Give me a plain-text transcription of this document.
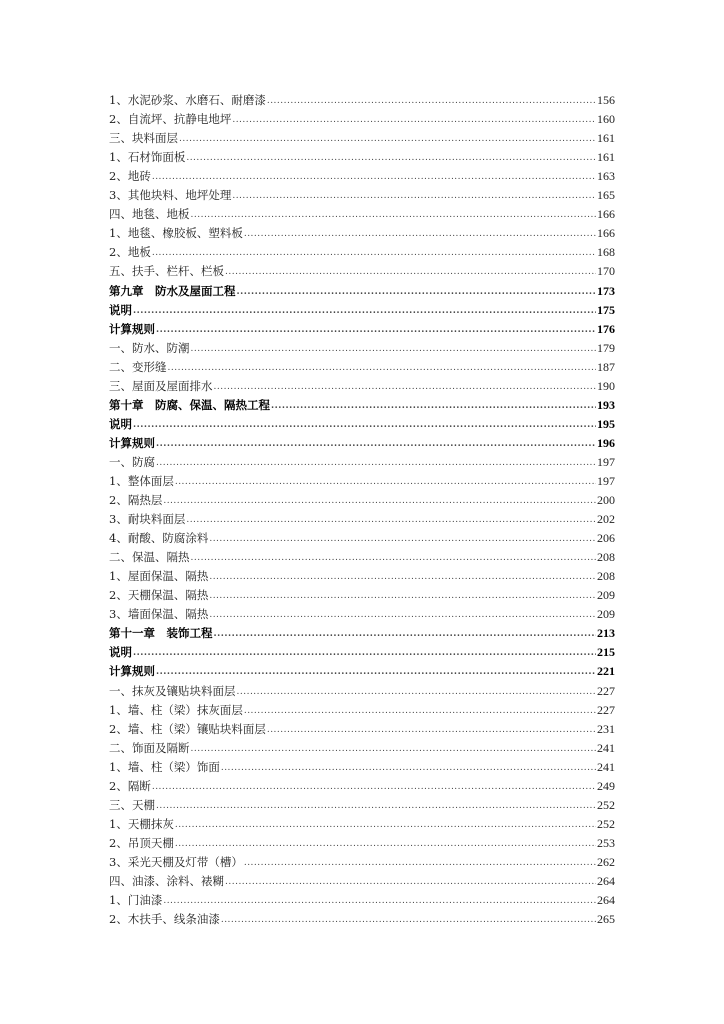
1、水泥砂浆、水磨石、耐磨漆 .....	156
2、自流坪、抗静电地坪 .....	160
三、块料面层 .....	161
1、石材饰面板 .....	161
2、地砖 .....	163
3、其他块料、地坪处理 .....	165
四、地毯、地板 .....	166
1、地毯、橡胶板、塑料板 .....	166
2、地板 .....	168
五、扶手、栏杆、栏板 .....	170
第九章　防水及屋面工程 .....	173
说明 .....	175
计算规则 .....	176
一、防水、防潮 .....	179
二、变形缝 .....	187
三、屋面及屋面排水 .....	190
第十章　防腐、保温、隔热工程 .....	193
说明 .....	195
计算规则 .....	196
一、防腐 .....	197
1、整体面层 .....	197
2、隔热层 .....	200
3、耐块料面层 .....	202
4、耐酸、防腐涂料 .....	206
二、保温、隔热 .....	208
1、屋面保温、隔热 .....	208
2、天棚保温、隔热 .....	209
3、墙面保温、隔热 .....	209
第十一章　装饰工程 .....	213
说明 .....	215
计算规则 .....	221
一、抹灰及镶贴块料面层 .....	227
1、墙、柱（梁）抹灰面层 .....	227
2、墙、柱（梁）镶贴块料面层 .....	231
二、饰面及隔断 .....	241
1、墙、柱（梁）饰面 .....	241
2、隔断 .....	249
三、天棚 .....	252
1、天棚抹灰 .....	252
2、吊顶天棚 .....	253
3、采光天棚及灯带（槽） .....	262
四、油漆、涂料、裱糊 .....	264
1、门油漆 .....	264
2、木扶手、线条油漆 .....	265
